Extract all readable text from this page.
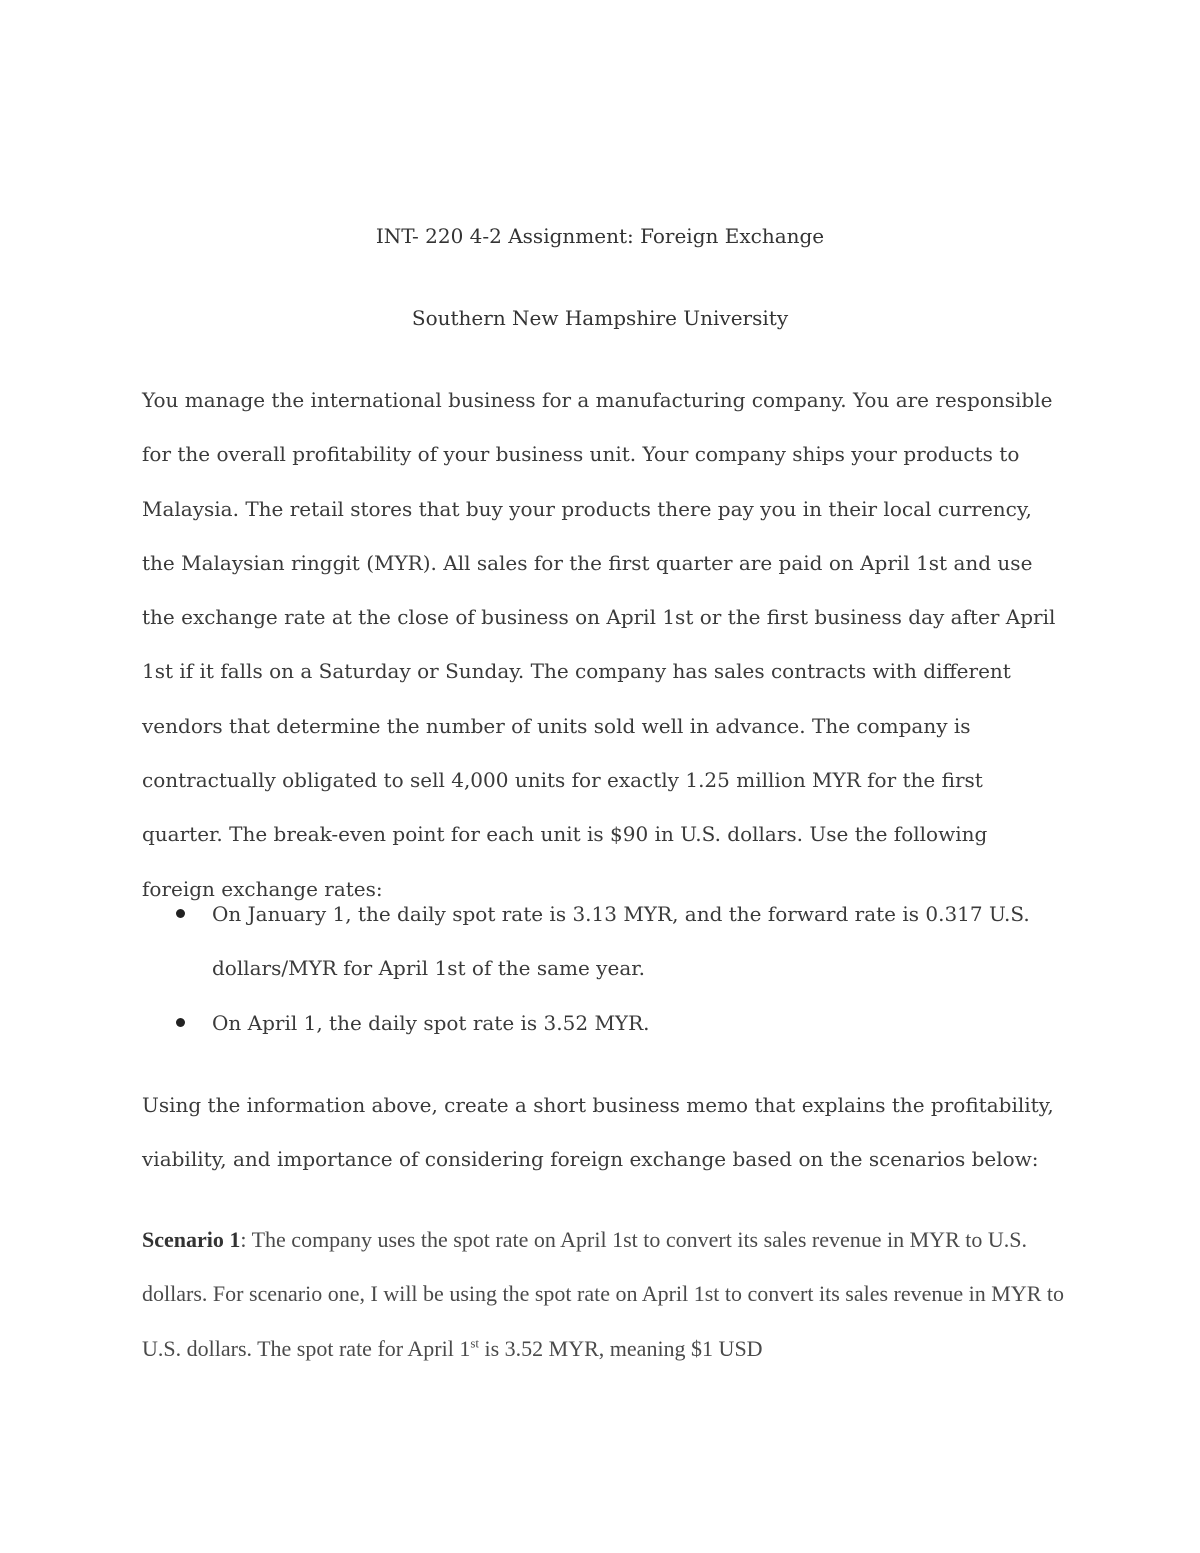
INT- 220 4-2 Assignment: Foreign Exchange
Southern New Hampshire University

You manage the international business for a manufacturing company. You are responsible for the overall profitability of your business unit. Your company ships your products to Malaysia. The retail stores that buy your products there pay you in their local currency, the Malaysian ringgit (MYR). All sales for the first quarter are paid on April 1st and use the exchange rate at the close of business on April 1st or the first business day after April 1st if it falls on a Saturday or Sunday. The company has sales contracts with different vendors that determine the number of units sold well in advance. The company is contractually obligated to sell 4,000 units for exactly 1.25 million MYR for the first quarter. The break-even point for each unit is $90 in U.S. dollars. Use the following foreign exchange rates:

On January 1, the daily spot rate is 3.13 MYR, and the forward rate is 0.317 U.S. dollars/MYR for April 1st of the same year.
On April 1, the daily spot rate is 3.52 MYR.

Using the information above, create a short business memo that explains the profitability, viability, and importance of considering foreign exchange based on the scenarios below:

Scenario 1: The company uses the spot rate on April 1st to convert its sales revenue in MYR to U.S. dollars. For scenario one, I will be using the spot rate on April 1st to convert its sales revenue in MYR to U.S. dollars. The spot rate for April 1st is 3.52 MYR, meaning $1 USD
